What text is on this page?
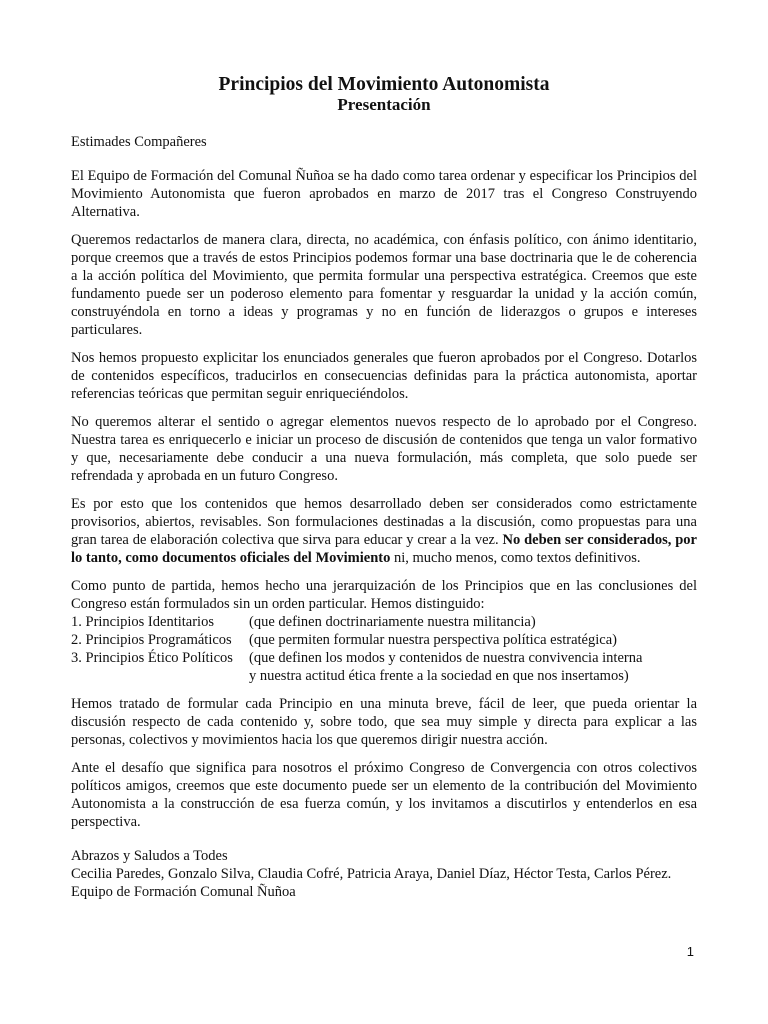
Principios del Movimiento Autonomista
Presentación

Estimades Compañeres

El Equipo de Formación del Comunal Ñuñoa se ha dado como tarea ordenar y especificar los Principios del Movimiento Autonomista que fueron aprobados en marzo de 2017 tras el Congreso Construyendo Alternativa.

Queremos redactarlos de manera clara, directa, no académica, con énfasis político, con ánimo identitario, porque creemos que a través de estos Principios podemos formar una base doctrinaria que le de coherencia a la acción política del Movimiento, que permita formular una perspectiva estratégica. Creemos que este fundamento puede ser un poderoso elemento para fomentar y resguardar la unidad y la acción común, construyéndola en torno a ideas y programas y no en función de liderazgos o grupos e intereses particulares.

Nos hemos propuesto explicitar los enunciados generales que fueron aprobados por el Congreso. Dotarlos de contenidos específicos, traducirlos en consecuencias definidas para la práctica autonomista, aportar referencias teóricas que permitan seguir enriqueciéndolos.

No queremos alterar el sentido o agregar elementos nuevos respecto de lo aprobado por el Congreso. Nuestra tarea es enriquecerlo e iniciar un proceso de discusión de contenidos que tenga un valor formativo y que, necesariamente debe conducir a una nueva formulación, más completa, que solo puede ser refrendada y aprobada en un futuro Congreso.

Es por esto que los contenidos que hemos desarrollado deben ser considerados como estrictamente provisorios, abiertos, revisables. Son formulaciones destinadas a la discusión, como propuestas para una gran tarea de elaboración colectiva que sirva para educar y crear a la vez. No deben ser considerados, por lo tanto, como documentos oficiales del Movimiento ni, mucho menos, como textos definitivos.

Como punto de partida, hemos hecho una jerarquización de los Principios que en las conclusiones del Congreso están formulados sin un orden particular. Hemos distinguido:
1. Principios Identitarios	(que definen doctrinariamente nuestra militancia)
2. Principios Programáticos	(que permiten formular nuestra perspectiva política estratégica)
3. Principios Ético Políticos	(que definen los modos y contenidos de nuestra convivencia interna
y nuestra actitud ética frente a la sociedad en que nos insertamos)

Hemos tratado de formular cada Principio en una minuta breve, fácil de leer, que pueda orientar la discusión respecto de cada contenido y, sobre todo, que sea muy simple y directa para explicar a las personas, colectivos y movimientos hacia los que queremos dirigir nuestra acción.

Ante el desafío que significa para nosotros el próximo Congreso de Convergencia con otros colectivos políticos amigos, creemos que este documento puede ser un elemento de la contribución del Movimiento Autonomista a la construcción de esa fuerza común, y los invitamos a discutirlos y entenderlos en esa perspectiva.

Abrazos y Saludos a Todes
Cecilia Paredes, Gonzalo Silva, Claudia Cofré, Patricia Araya, Daniel Díaz, Héctor Testa, Carlos Pérez.
Equipo de Formación Comunal Ñuñoa
1
